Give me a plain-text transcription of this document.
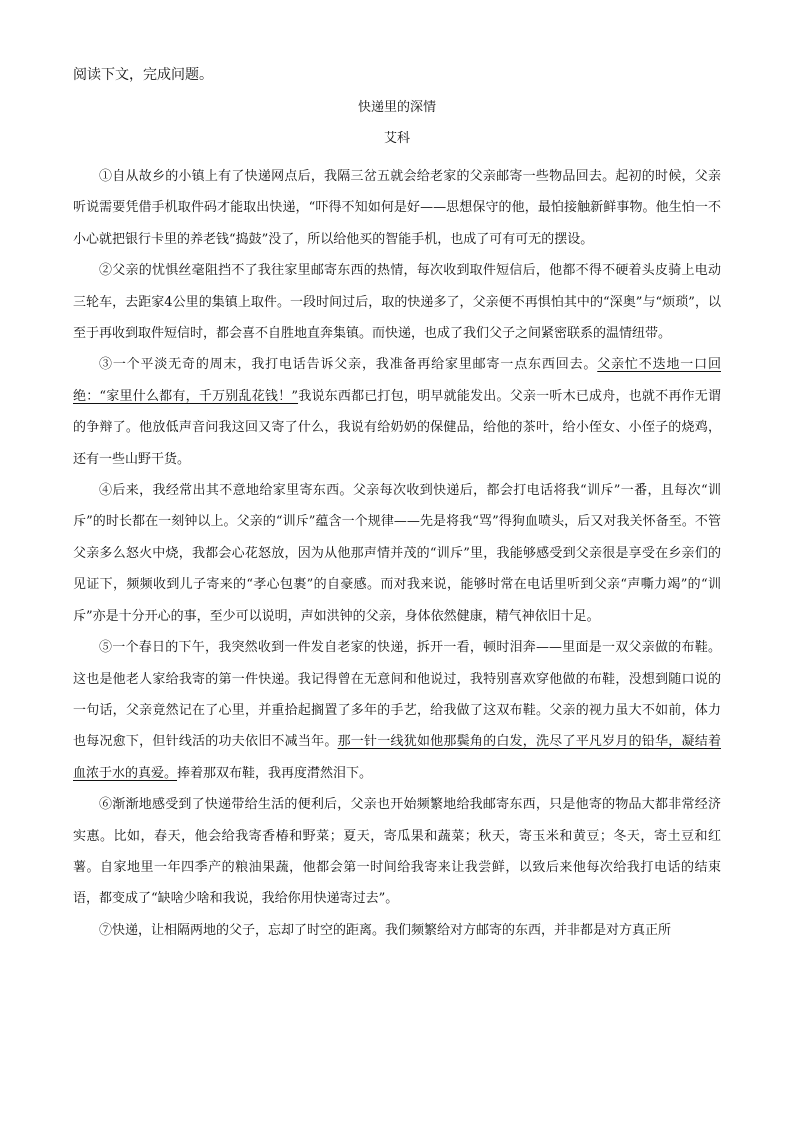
阅读下文，完成问题。
快递里的深情
艾科

①自从故乡的小镇上有了快递网点后，我隔三岔五就会给老家的父亲邮寄一些物品回去。起初的时候，父亲听说需要凭借手机取件码才能取出快递，“吓得不知如何是好——思想保守的他，最怕接触新鲜事物。他生怕一不小心就把银行卡里的养老钱“捣鼓”没了，所以给他买的智能手机，也成了可有可无的摆设。

②父亲的忧惧丝毫阻挡不了我往家里邮寄东西的热情，每次收到取件短信后，他都不得不硬着头皮骑上电动三轮车，去距家4公里的集镇上取件。一段时间过后，取的快递多了，父亲便不再惧怕其中的“深奥”与“烦琐”，以至于再收到取件短信时，都会喜不自胜地直奔集镇。而快递，也成了我们父子之间紧密联系的温情纽带。

③一个平淡无奇的周末，我打电话告诉父亲，我准备再给家里邮寄一点东西回去。父亲忙不迭地一口回绝：“家里什么都有，千万别乱花钱！”我说东西都已打包，明早就能发出。父亲一听木已成舟，也就不再作无谓的争辩了。他放低声音问我这回又寄了什么，我说有给奶奶的保健品，给他的茶叶，给小侄女、小侄子的烧鸡，还有一些山野干货。

④后来，我经常出其不意地给家里寄东西。父亲每次收到快递后，都会打电话将我“训斥”一番，且每次“训斥”的时长都在一刻钟以上。父亲的“训斥”蕴含一个规律——先是将我“骂”得狗血喷头，后又对我关怀备至。不管父亲多么怒火中烧，我都会心花怒放，因为从他那声情并茂的“训斥”里，我能够感受到父亲很是享受在乡亲们的见证下，频频收到儿子寄来的“孝心包裹”的自豪感。而对我来说，能够时常在电话里听到父亲“声嘶力竭”的“训斥”亦是十分开心的事，至少可以说明，声如洪钟的父亲，身体依然健康，精气神依旧十足。

⑤一个春日的下午，我突然收到一件发自老家的快递，拆开一看，顿时泪奔——里面是一双父亲做的布鞋。这也是他老人家给我寄的第一件快递。我记得曾在无意间和他说过，我特别喜欢穿他做的布鞋，没想到随口说的一句话，父亲竟然记在了心里，并重拾起搁置了多年的手艺，给我做了这双布鞋。父亲的视力虽大不如前，体力也每况愈下，但针线活的功夫依旧不减当年。那一针一线犹如他那鬓角的白发，洗尽了平凡岁月的铅华，凝结着血浓于水的真爱。捧着那双布鞋，我再度潸然泪下。

⑥渐渐地感受到了快递带给生活的便利后，父亲也开始频繁地给我邮寄东西，只是他寄的物品大都非常经济实惠。比如，春天，他会给我寄香椿和野菜；夏天，寄瓜果和蔬菜；秋天，寄玉米和黄豆；冬天，寄土豆和红薯。自家地里一年四季产的粮油果蔬，他都会第一时间给我寄来让我尝鲜，以致后来他每次给我打电话的结束语，都变成了“缺啥少啥和我说，我给你用快递寄过去”。

⑦快递，让相隔两地的父子，忘却了时空的距离。我们频繁给对方邮寄的东西，并非都是对方真正所
